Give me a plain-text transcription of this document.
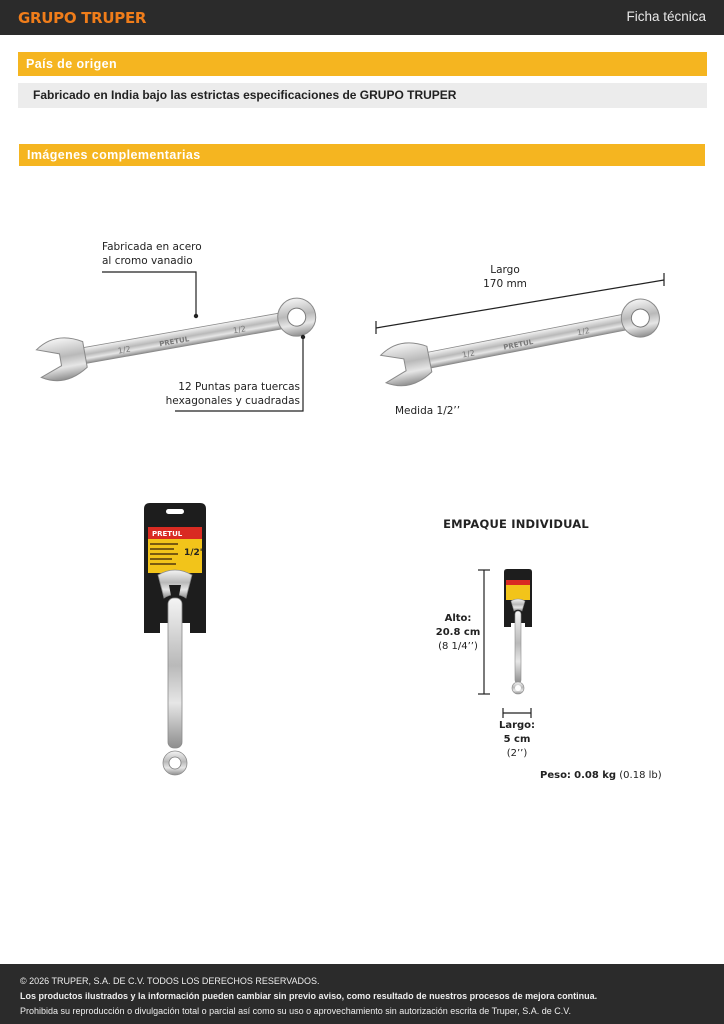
GRUPO TRUPER	Ficha técnica
País de origen
Fabricado en India bajo las estrictas especificaciones de GRUPO TRUPER
Imágenes complementarias
1/2
PRETUL
1/2
Fabricada en acero
al cromo vanadio
12 Puntas para tuercas
hexagonales y cuadradas
1/2
PRETUL
1/2
Largo
170 mm
Medida 1/2’’
PRETUL
1/2"
EMPAQUE INDIVIDUAL
Alto:
20.8 cm
(8 1/4’’)
Largo:
5 cm
(2’’)
Peso: 0.08 kg (0.18 lb)
© 2026 TRUPER, S.A. DE C.V. TODOS LOS DERECHOS RESERVADOS.
Los productos ilustrados y la información pueden cambiar sin previo aviso, como resultado de nuestros procesos de mejora continua.
Prohibida su reproducción o divulgación total o parcial así como su uso o aprovechamiento sin autorización escrita de Truper, S.A. de C.V.
